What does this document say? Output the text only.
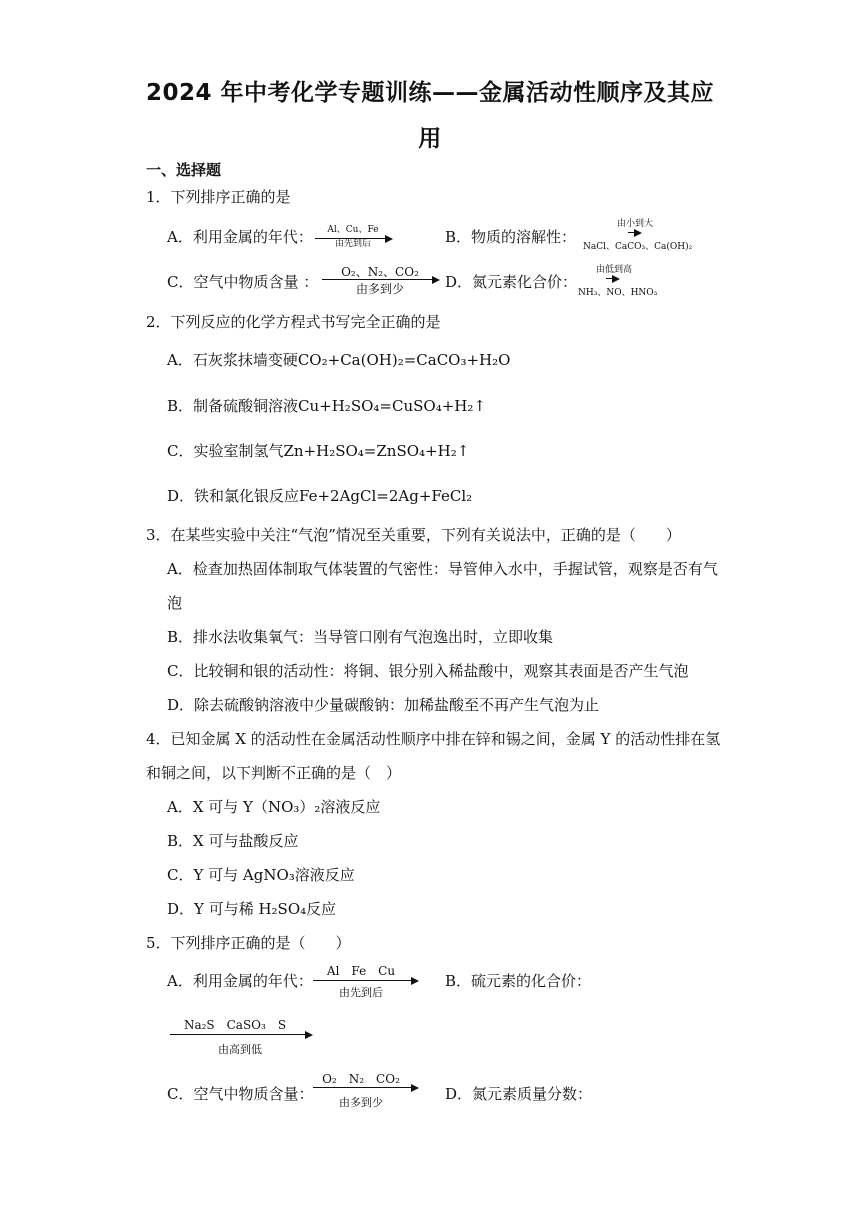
2024 年中考化学专题训练——金属活动性顺序及其应
用
一、选择题
1．下列排序正确的是
A．利用金属的年代：	Al、Cu、Fe
由先到后	B．物质的溶解性：
由小到大
NaCl、CaCO₃、Ca(OH)₂
C．空气中物质含量 ：
O₂、N₂、CO₂
由多到少	D．氮元素化合价：
由低到高
NH₃、NO、HNO₃
2．下列反应的化学方程式书写完全正确的是
A．石灰浆抹墙变硬CO₂+Ca(OH)₂=CaCO₃+H₂O
B．制备硫酸铜溶液Cu+H₂SO₄=CuSO₄+H₂↑
C．实验室制氢气Zn+H₂SO₄=ZnSO₄+H₂↑
D．铁和氯化银反应Fe+2AgCl=2Ag+FeCl₂
3．在某些实验中关注“气泡”情况至关重要，下列有关说法中，正确的是（　　）
A．检查加热固体制取气体装置的气密性：导管伸入水中，手握试管，观察是否有气
泡
B．排水法收集氧气：当导管口刚有气泡逸出时，立即收集
C．比较铜和银的活动性：将铜、银分别入稀盐酸中，观察其表面是否产生气泡
D．除去硫酸钠溶液中少量碳酸钠：加稀盐酸至不再产生气泡为止
4．已知金属 X 的活动性在金属活动性顺序中排在锌和锡之间，金属 Y 的活动性排在氢
和铜之间，以下判断不正确的是（　）
A．X 可与 Y（NO₃）₂溶液反应
B．X 可与盐酸反应
C．Y 可与 AgNO₃溶液反应
D．Y 可与稀 H₂SO₄反应
5．下列排序正确的是（　　）
A．利用金属的年代：
Al　Fe　Cu
由先到后
B．硫元素的化合价：
Na₂S　CaSO₃　S
由高到低
C．空气中物质含量：
O₂　N₂　CO₂
由多到少	D．氮元素质量分数：
